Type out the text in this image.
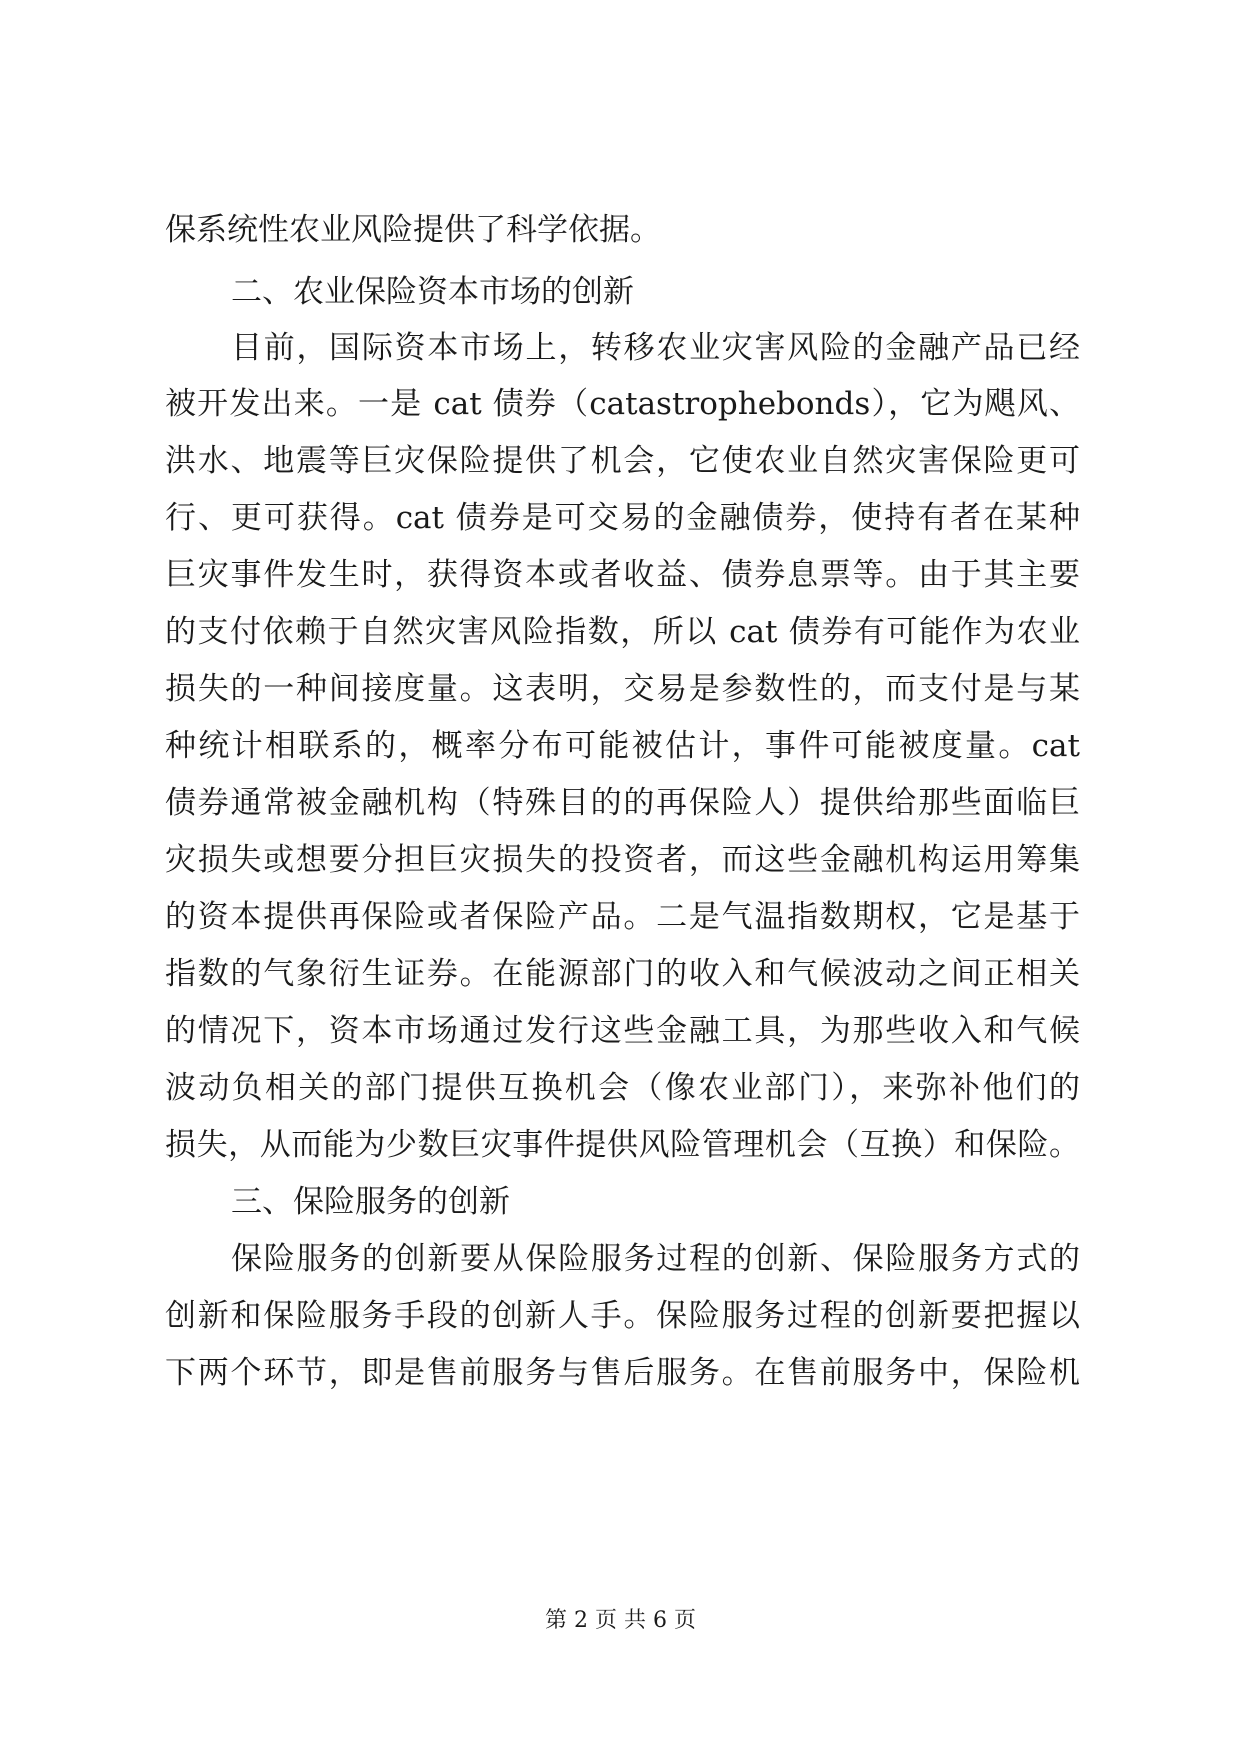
保系统性农业风险提供了科学依据。
二、农业保险资本市场的创新
目前，国际资本市场上，转移农业灾害风险的金融产品已经
被开发出来。一是 cat 债券（catastrophebonds），它为飓风、
洪水、地震等巨灾保险提供了机会，它使农业自然灾害保险更可
行、更可获得。cat 债券是可交易的金融债券，使持有者在某种
巨灾事件发生时，获得资本或者收益、债券息票等。由于其主要
的支付依赖于自然灾害风险指数，所以 cat 债券有可能作为农业
损失的一种间接度量。这表明，交易是参数性的，而支付是与某
种统计相联系的，概率分布可能被估计，事件可能被度量。cat
债券通常被金融机构（特殊目的的再保险人）提供给那些面临巨
灾损失或想要分担巨灾损失的投资者，而这些金融机构运用筹集
的资本提供再保险或者保险产品。二是气温指数期权，它是基于
指数的气象衍生证券。在能源部门的收入和气候波动之间正相关
的情况下，资本市场通过发行这些金融工具，为那些收入和气候
波动负相关的部门提供互换机会（像农业部门），来弥补他们的
损失，从而能为少数巨灾事件提供风险管理机会（互换）和保险。
三、保险服务的创新
保险服务的创新要从保险服务过程的创新、保险服务方式的
创新和保险服务手段的创新人手。保险服务过程的创新要把握以
下两个环节，即是售前服务与售后服务。在售前服务中，保险机
第 2 页 共 6 页
